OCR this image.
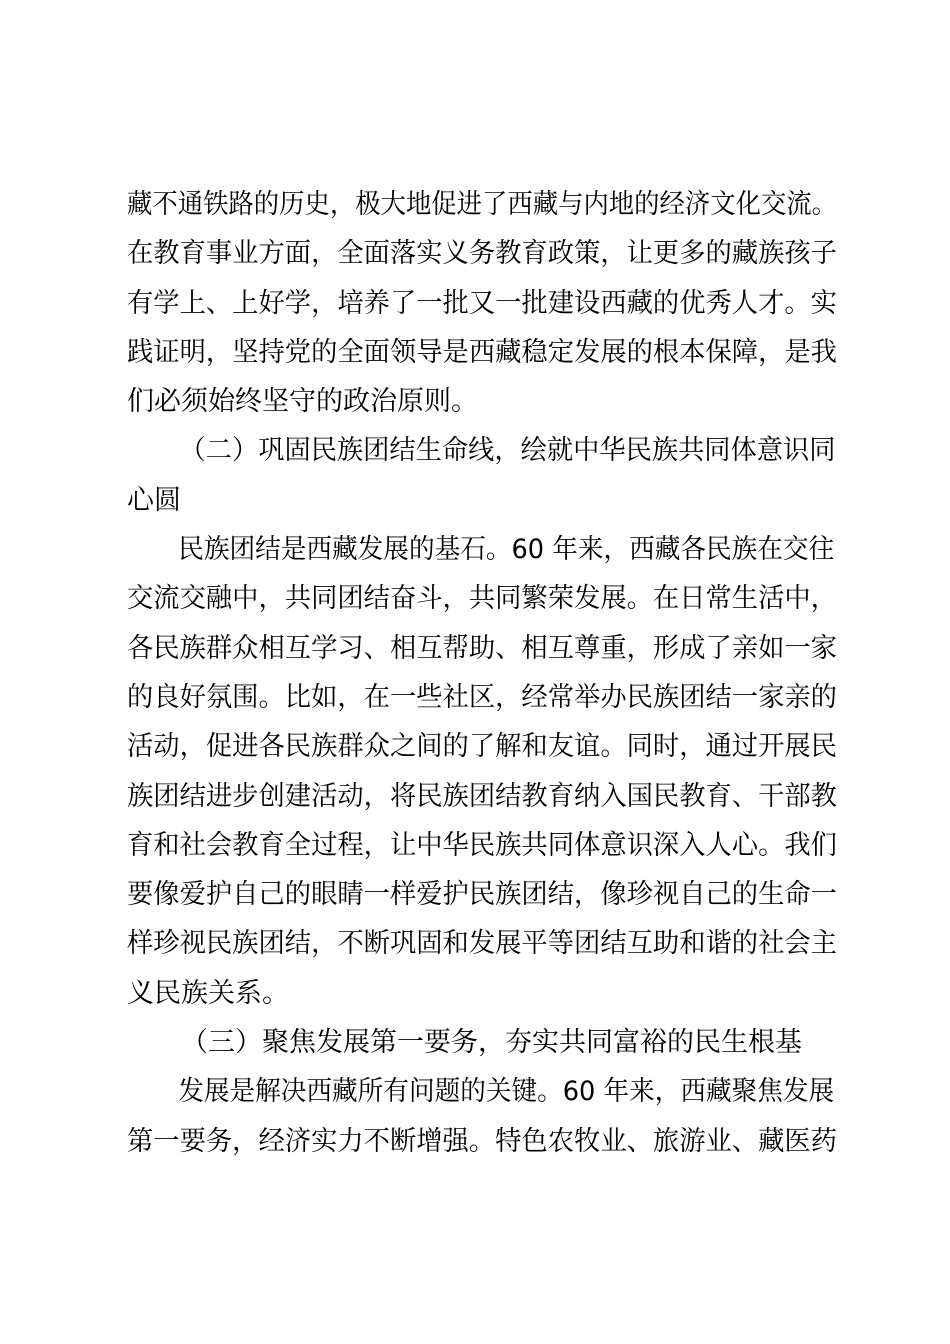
藏不通铁路的历史，极大地促进了西藏与内地的经济文化交流。
在教育事业方面，全面落实义务教育政策，让更多的藏族孩子
有学上、上好学，培养了一批又一批建设西藏的优秀人才。实
践证明，坚持党的全面领导是西藏稳定发展的根本保障，是我
们必须始终坚守的政治原则。
（二）巩固民族团结生命线，绘就中华民族共同体意识同
心圆
民族团结是西藏发展的基石。60 年来，西藏各民族在交往
交流交融中，共同团结奋斗，共同繁荣发展。在日常生活中，
各民族群众相互学习、相互帮助、相互尊重，形成了亲如一家
的良好氛围。比如，在一些社区，经常举办民族团结一家亲的
活动，促进各民族群众之间的了解和友谊。同时，通过开展民
族团结进步创建活动，将民族团结教育纳入国民教育、干部教
育和社会教育全过程，让中华民族共同体意识深入人心。我们
要像爱护自己的眼睛一样爱护民族团结，像珍视自己的生命一
样珍视民族团结，不断巩固和发展平等团结互助和谐的社会主
义民族关系。
（三）聚焦发展第一要务，夯实共同富裕的民生根基
发展是解决西藏所有问题的关键。60 年来，西藏聚焦发展
第一要务，经济实力不断增强。特色农牧业、旅游业、藏医药
